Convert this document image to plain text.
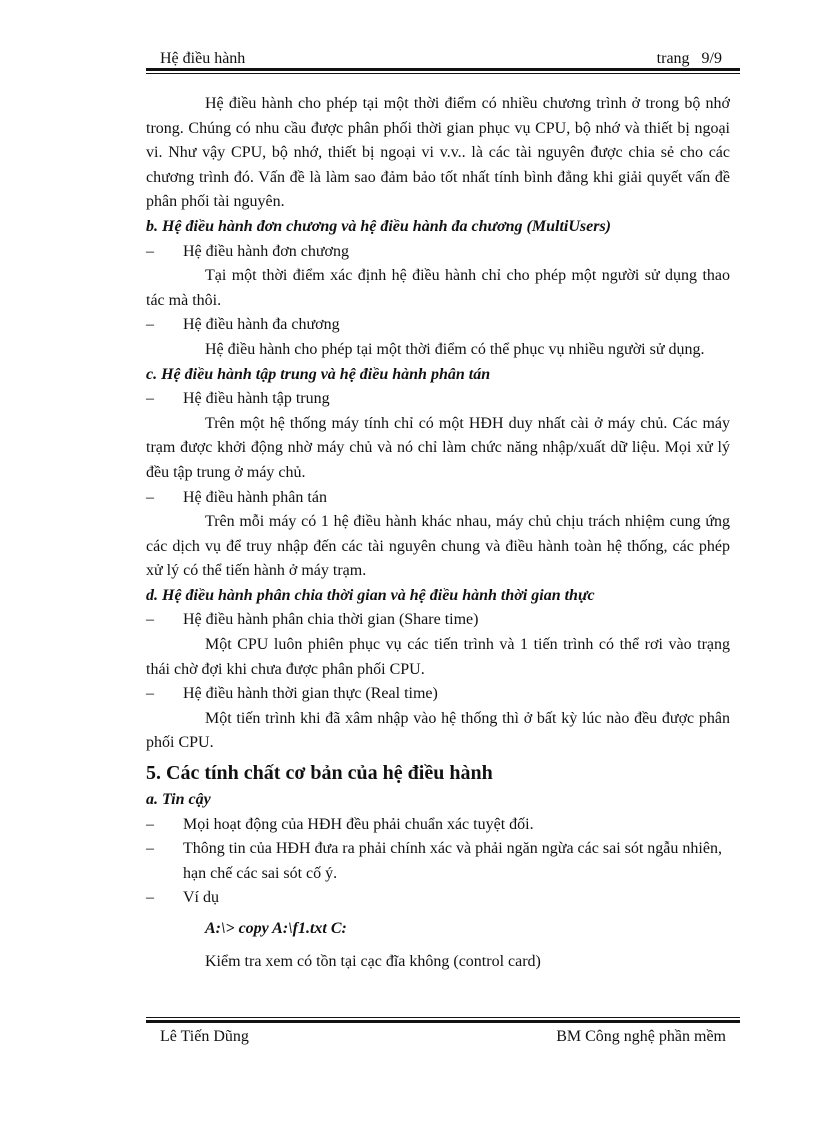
Hệ điều hành	trang   9/9

Hệ điều hành cho phép tại một thời điểm có nhiều chương trình ở trong bộ nhớ trong. Chúng có nhu cầu được phân phối thời gian phục vụ CPU, bộ nhớ và thiết bị ngoại vi. Như vậy CPU, bộ nhớ, thiết bị ngoại vi v.v.. là các tài nguyên được chia sẻ cho các chương trình đó. Vấn đề là làm sao đảm bảo tốt nhất tính bình đẳng khi giải quyết vấn đề phân phối tài nguyên.

b. Hệ điều hành đơn chương và hệ điều hành đa chương (MultiUsers)

– Hệ điều hành đơn chương

Tại một thời điểm xác định hệ điều hành chỉ cho phép một người sử dụng thao tác mà thôi.

– Hệ điều hành đa chương

Hệ điều hành cho phép tại một thời điểm có thể phục vụ nhiều người sử dụng.

c. Hệ điều hành tập trung và hệ điều hành phân tán

– Hệ điều hành tập trung

Trên một hệ thống máy tính chỉ có một HĐH duy nhất cài ở máy chủ. Các máy trạm được khởi động nhờ máy chủ và nó chỉ làm chức năng nhập/xuất dữ liệu. Mọi xử lý đều tập trung ở máy chủ.

– Hệ điều hành phân tán

Trên mỗi máy có 1 hệ điều hành khác nhau, máy chủ chịu trách nhiệm cung ứng các dịch vụ để truy nhập đến các tài nguyên chung và điều hành toàn hệ thống, các phép xử lý có thể tiến hành ở máy trạm.

d. Hệ điều hành phân chia thời gian và hệ điều hành thời gian thực

– Hệ điều hành phân chia thời gian (Share time)

Một CPU luôn phiên phục vụ các tiến trình và 1 tiến trình có thể rơi vào trạng thái chờ đợi khi chưa được phân phối CPU.

– Hệ điều hành thời gian thực (Real time)

Một tiến trình khi đã xâm nhập vào hệ thống thì ở bất kỳ lúc nào đều được phân phối CPU.

5. Các tính chất cơ bản của hệ điều hành

a. Tin cậy

– Mọi hoạt động của HĐH đều phải chuẩn xác tuyệt đối.

– Thông tin của HĐH đưa ra phải chính xác và phải ngăn ngừa các sai sót ngẫu nhiên, hạn chế các sai sót cố ý.

– Ví dụ

A:\> copy A:\f1.txt C:

Kiểm tra xem có tồn tại cạc đĩa không (control card)

Lê Tiến Dũng	BM Công nghệ phần mềm
